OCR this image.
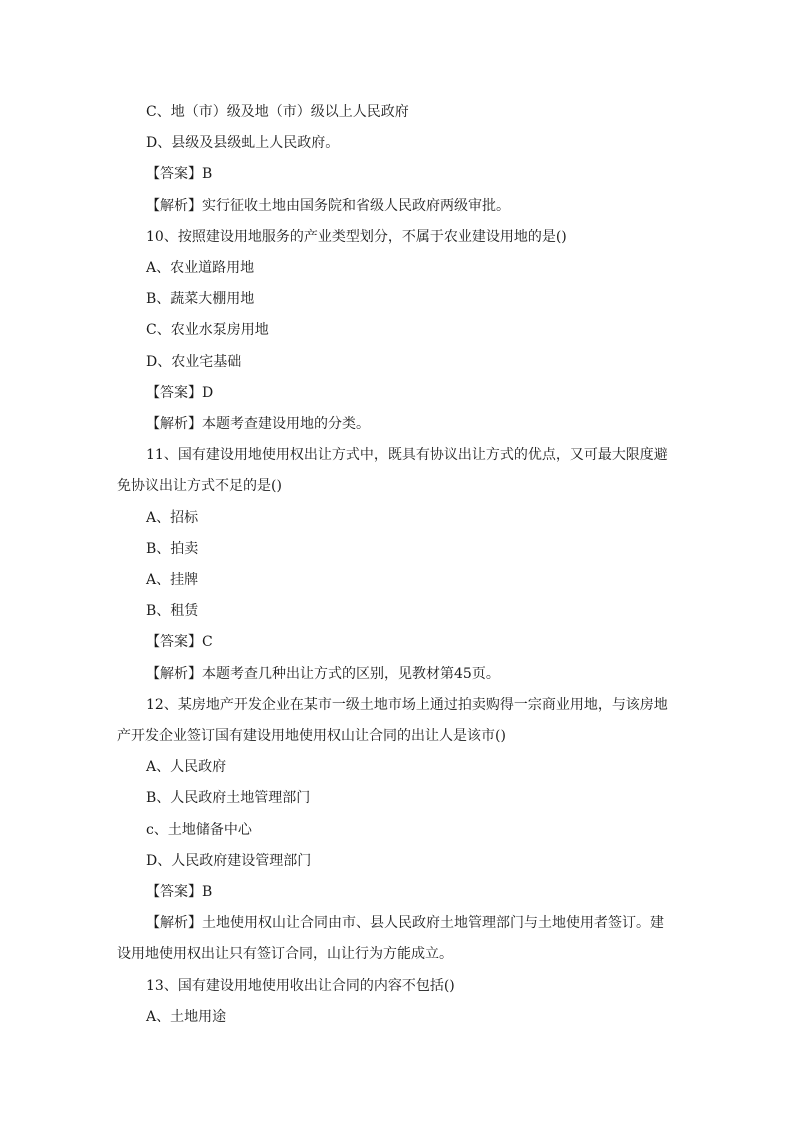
C、地（市）级及地（市）级以上人民政府
D、县级及县级虬上人民政府。
【答案】B
【解析】实行征收土地由国务院和省级人民政府两级审批。
10、按照建设用地服务的产业类型划分，不属于农业建设用地的是()
A、农业道路用地
B、蔬菜大棚用地
C、农业水泵房用地
D、农业宅基础
【答案】D
【解析】本题考查建设用地的分类。
11、国有建设用地使用权出让方式中，既具有协议出让方式的优点，又可最大限度避
免协议出让方式不足的是()
A、招标
B、拍卖
A、挂牌
B、租赁
【答案】C
【解析】本题考查几种出让方式的区别，见教材第45页。
12、某房地产开发企业在某市一级土地市场上通过拍卖购得一宗商业用地，与该房地
产开发企业签订国有建设用地使用权山让合同的出让人是该市()
A、人民政府
B、人民政府土地管理部门
c、土地储备中心
D、人民政府建设管理部门
【答案】B
【解析】土地使用权山让合同由市、县人民政府土地管理部门与土地使用者签订。建
设用地使用权出让只有签订合同，山让行为方能成立。
13、国有建设用地使用收出让合同的内容不包括()
A、土地用途
